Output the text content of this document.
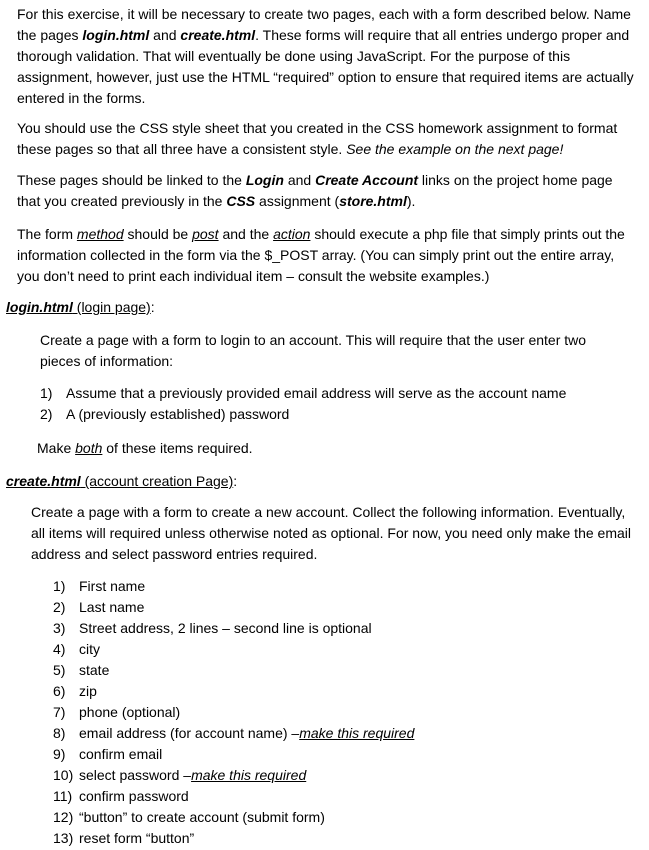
For this exercise, it will be necessary to create two pages, each with a form described below. Name the pages login.html and create.html. These forms will require that all entries undergo proper and thorough validation. That will eventually be done using JavaScript. For the purpose of this assignment, however, just use the HTML “required” option to ensure that required items are actually entered in the forms.

You should use the CSS style sheet that you created in the CSS homework assignment to format these pages so that all three have a consistent style. See the example on the next page!

These pages should be linked to the Login and Create Account links on the project home page that you created previously in the CSS assignment (store.html).

The form method should be post and the action should execute a php file that simply prints out the information collected in the form via the $_POST array. (You can simply print out the entire array, you don’t need to print each individual item – consult the website examples.)

login.html (login page):

Create a page with a form to login to an account. This will require that the user enter two pieces of information:

1) Assume that a previously provided email address will serve as the account name
2) A (previously established) password

Make both of these items required.

create.html (account creation Page):

Create a page with a form to create a new account. Collect the following information. Eventually, all items will required unless otherwise noted as optional. For now, you need only make the email address and select password entries required.

1) First name
2) Last name
3) Street address, 2 lines – second line is optional
4) city
5) state
6) zip
7) phone (optional)
8) email address (for account name) – make this required
9) confirm email
10) select password – make this required
11) confirm password
12) “button” to create account (submit form)
13) reset form “button”
